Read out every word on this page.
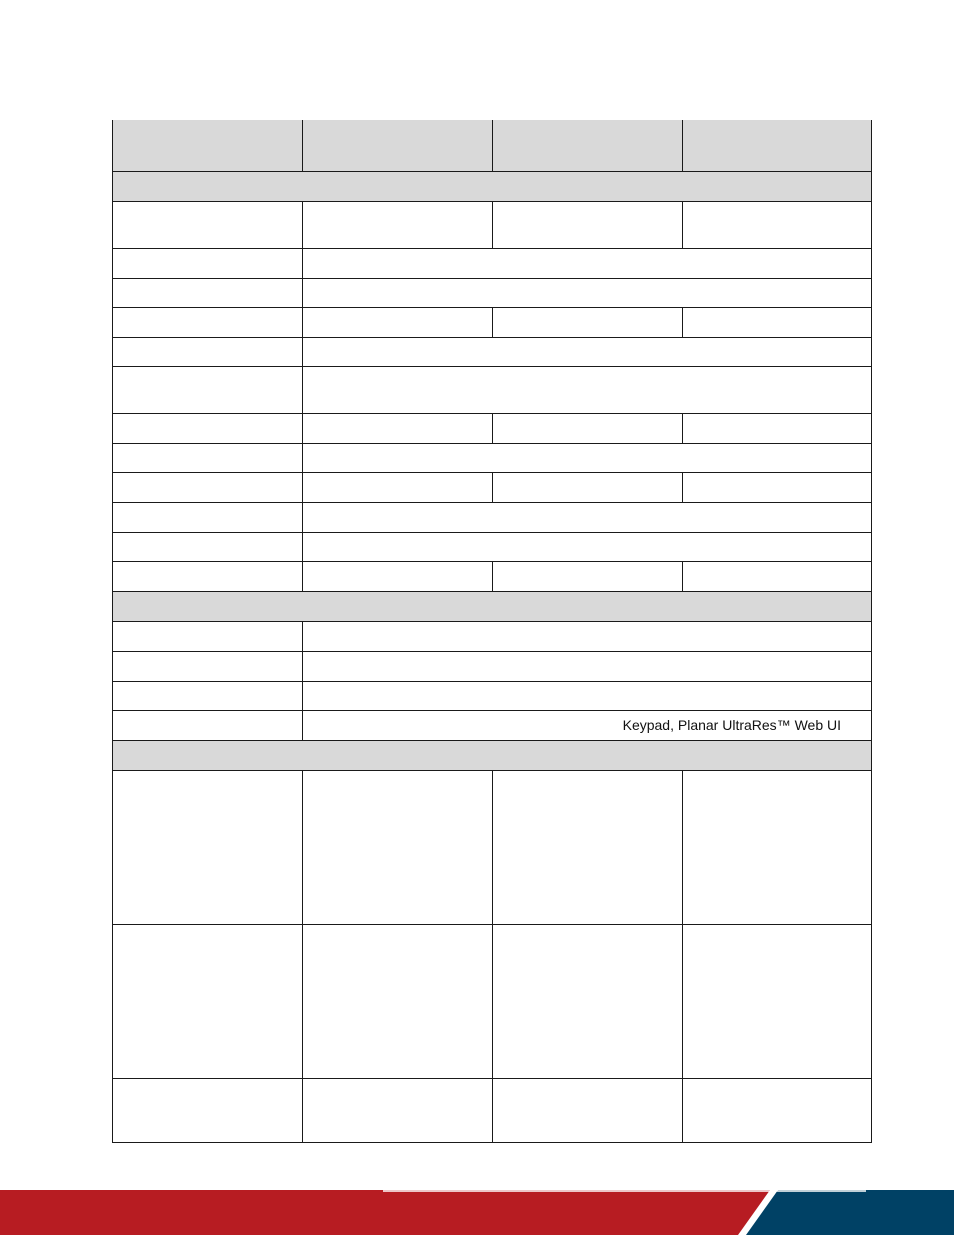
	Keypad, Planar UltraRes™ Web UI		
